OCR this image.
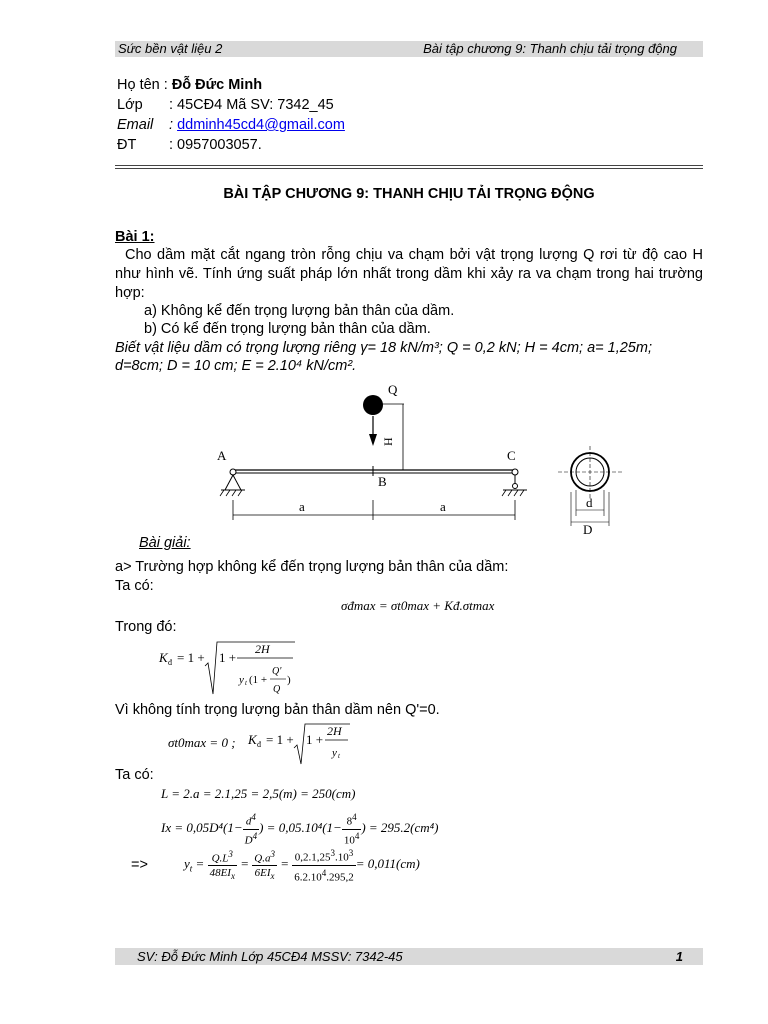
Sức bền vật liệu 2	Bài tập chương 9: Thanh chịu tải trọng động
Họ tên : Đỗ Đức Minh
Lớp : 45CĐ4 Mã SV: 7342_45
Email : ddminh45cd4@gmail.com
ĐT : 0957003057.
BÀI TẬP CHƯƠNG 9: THANH CHỊU TẢI TRỌNG ĐỘNG
Bài 1:
Cho dầm mặt cắt ngang tròn rỗng chịu va chạm bởi vật trọng lượng Q rơi từ độ cao H như hình vẽ. Tính ứng suất pháp lớn nhất trong dầm khi xảy ra va chạm trong hai trường hợp:
a) Không kể đến trọng lượng bản thân của dầm.
b) Có kể đến trọng lượng bản thân của dầm.
Biết vật liệu dầm có trọng lượng riêng γ= 18 kN/m³; Q = 0,2 kN; H = 4cm; a= 1,25m;
d=8cm; D = 10 cm; E = 2.10⁴ kN/cm².
Q
H
A
B
C
a	a	d
D
Bài giải:
a> Trường hợp không kể đến trọng lượng bản thân của dầm:
Ta có:
σđmax = σt0max + Kđ.σtmax
Trong đó:
K đ = 1 + 1 +
2H
y t (1 +
Q'
Q
)
Vì không tính trọng lượng bản thân dầm nên Q'=0.
σt0max = 0 ; K đ = 1 + 1 +
2H
y t
Ta có:
L = 2.a = 2.1,25 = 2,5(m) = 250(cm)
$Ix = 0,05D^4(1- \frac{d^4}{D^4}$ ) = $0,05.10^4(1- \frac{8^4}{10^4}$ ) = 295.2(cm⁴)
=>	$y_t = \frac{Q.L^3}{48EI_x} = \frac{Q.a^3}{6EI_x} = \frac{0,2.1,25^3.10^3}{6.2.10^4.295,2} = 0,011(cm)$
SV: Đỗ Đức Minh Lớp 45CĐ4 MSSV: 7342-45	1
